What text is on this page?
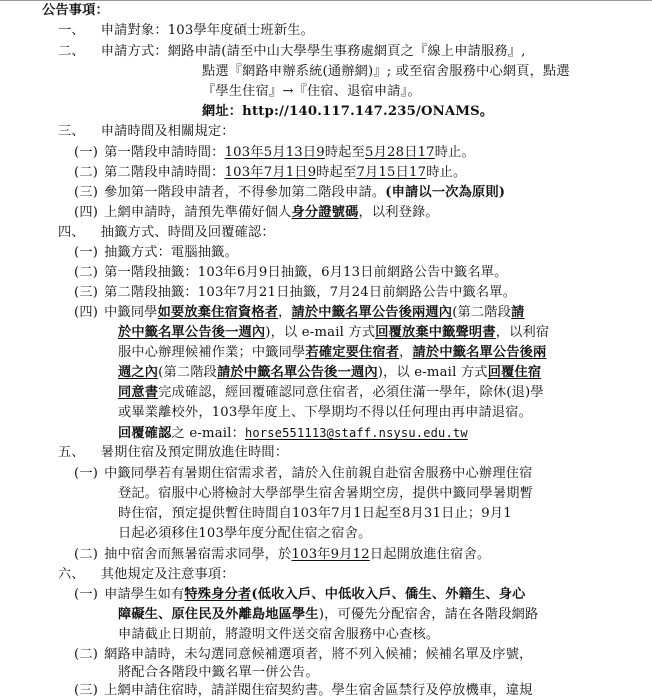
公告事項：
一、 申請對象：103學年度碩士班新生。
二、 申請方式：網路申請(請至中山大學學生事務處網頁之『線上申請服務』,
點選『網路申辦系統(通辦網)』; 或至宿舍服務中心網頁，點選
『學生住宿』→『住宿、退宿申請』。
網址：http://140.117.147.235/ONAMS。
三、 申請時間及相關規定：
(一) 第一階段申請時間：103年5月13日9時起至5月28日17時止。
(二) 第二階段申請時間：103年7月1日9時起至7月15日17時止。
(三) 參加第一階段申請者，不得參加第二階段申請。(申請以一次為原則)
(四) 上網申請時，請預先準備好個人身分證號碼，以利登錄。
四、 抽籤方式、時間及回覆確認：
(一) 抽籤方式：電腦抽籤。
(二) 第一階段抽籤：103年6月9日抽籤，6月13日前網路公告中籤名單。
(三) 第二階段抽籤：103年7月21日抽籤，7月24日前網路公告中籤名單。
(四) 中籤同學如要放棄住宿資格者，請於中籤名單公告後兩週內(第二階段請
於中籤名單公告後一週內)，以 e-mail 方式回覆放棄中籤聲明書，以利宿
服中心辦理候補作業；中籤同學若確定要住宿者，請於中籤名單公告後兩
週之內(第二階段請於中籤名單公告後一週內)，以 e-mail 方式回覆住宿
同意書完成確認，經回覆確認同意住宿者，必須住滿一學年，除休(退)學
或畢業離校外，103學年度上、下學期均不得以任何理由再申請退宿。
回覆確認之 e-mail：horse551113@staff.nsysu.edu.tw
五、 暑期住宿及預定開放進住時間：
(一) 中籤同學若有暑期住宿需求者，請於入住前親自赴宿舍服務中心辦理住宿
登記。宿服中心將檢討大學部學生宿舍暑期空房，提供中籤同學暑期暫
時住宿，預定提供暫住時間自103年7月1日起至8月31日止；9月1
日起必須移住103學年度分配住宿之宿舍。
(二) 抽中宿舍而無暑宿需求同學，於103年9月12日起開放進住宿舍。
六、 其他規定及注意事項：
(一) 申請學生如有特殊身分者(低收入戶、中低收入戶、僑生、外籍生、身心
障礙生、原住民及外離島地區學生)，可優先分配宿舍，請在各階段網路
申請截止日期前，將證明文件送交宿舍服務中心查核。
(二) 網路申請時，未勾選同意候補選項者，將不列入候補；候補名單及序號，
將配合各階段中籤名單一併公告。
(三) 上網申請住宿時，請詳閱住宿契約書。學生宿舍區禁行及停放機車，違規
